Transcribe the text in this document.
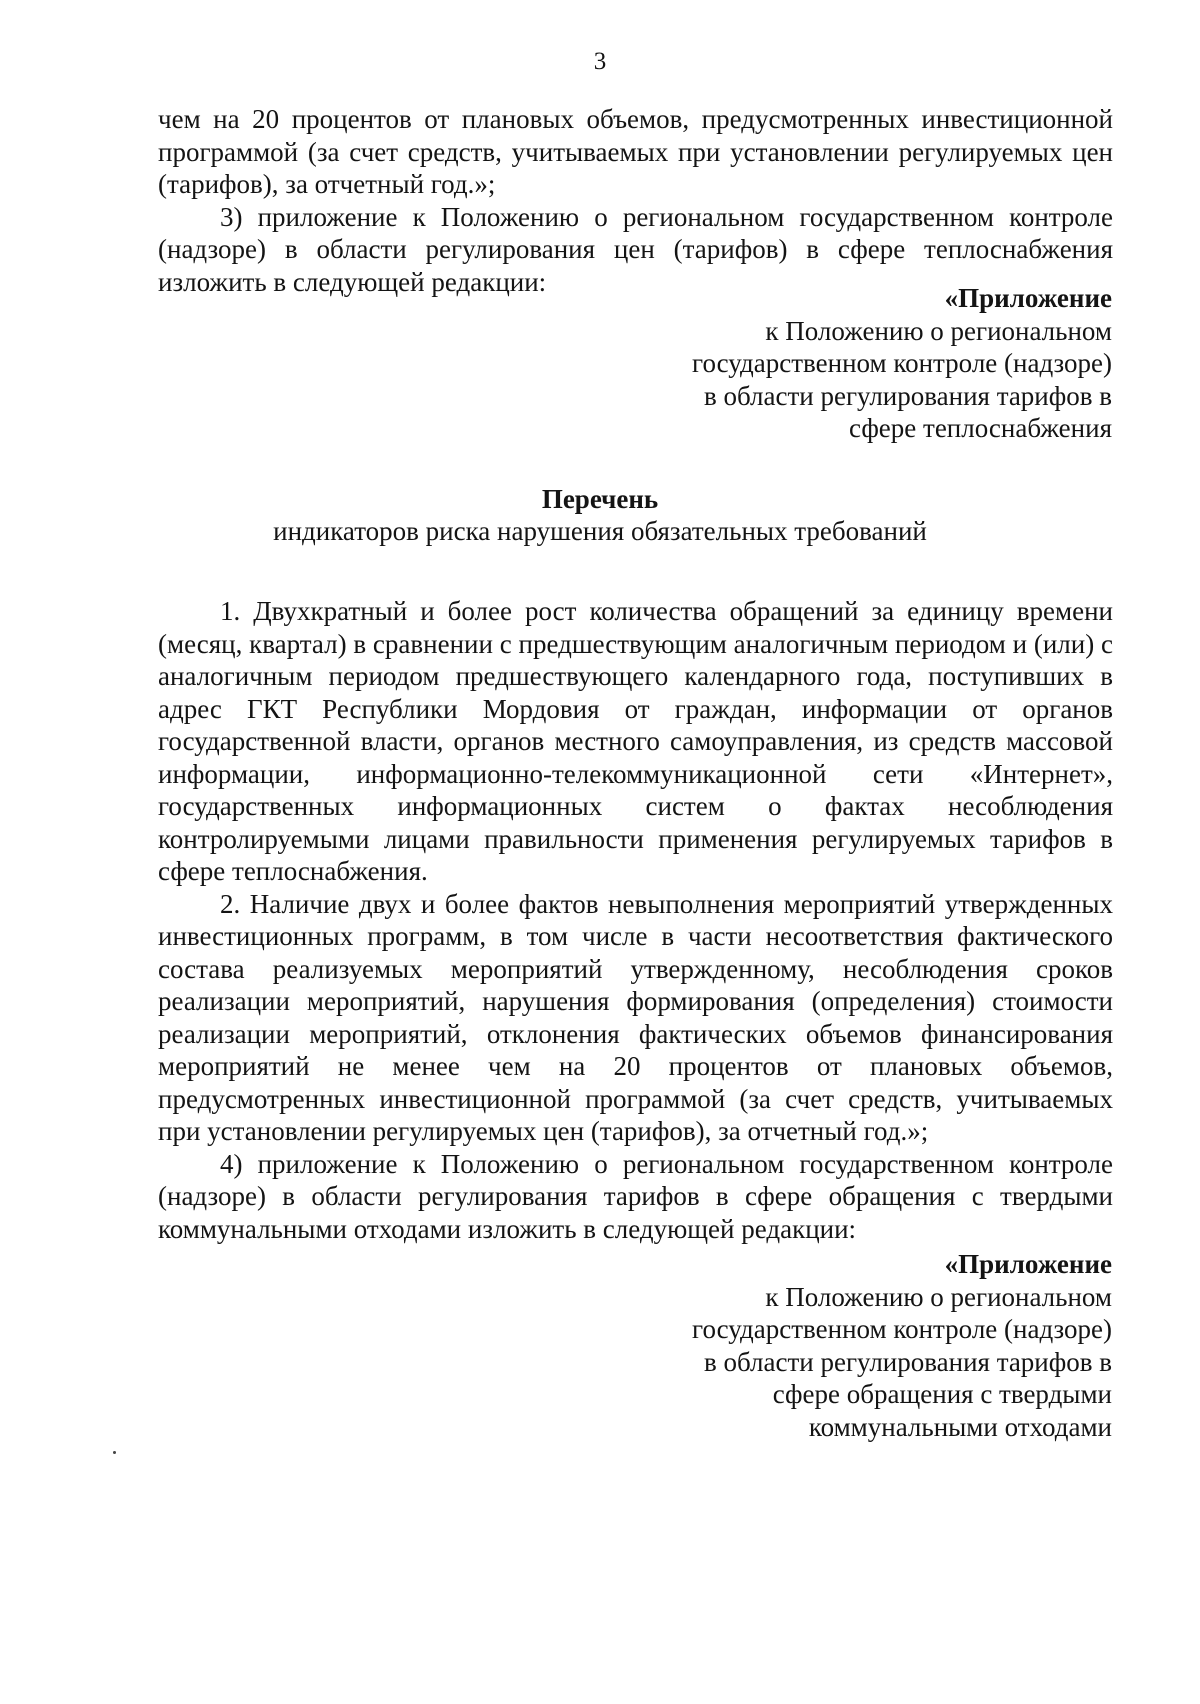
3

чем на 20 процентов от плановых объемов, предусмотренных инвестиционной программой (за счет средств, учитываемых при установлении регулируемых цен (тарифов), за отчетный год.»;

3) приложение к Положению о региональном государственном контроле (надзоре) в области регулирования цен (тарифов) в сфере теплоснабжения изложить в следующей редакции:

«Приложение
к Положению о региональном
государственном контроле (надзоре)
в области регулирования тарифов в
сфере теплоснабжения
Перечень
индикаторов риска нарушения обязательных требований

1. Двухкратный и более рост количества обращений за единицу времени (месяц, квартал) в сравнении с предшествующим аналогичным периодом и (или) с аналогичным периодом предшествующего календарного года, поступивших в адрес ГКТ Республики Мордовия от граждан, информации от органов государственной власти, органов местного самоуправления, из средств массовой информации, информационно-телекоммуникационной сети «Интернет», государственных информационных систем о фактах несоблюдения контролируемыми лицами правильности применения регулируемых тарифов в сфере теплоснабжения.

2. Наличие двух и более фактов невыполнения мероприятий утвержденных инвестиционных программ, в том числе в части несоответствия фактического состава реализуемых мероприятий утвержденному, несоблюдения сроков реализации мероприятий, нарушения формирования (определения) стоимости реализации мероприятий, отклонения фактических объемов финансирования мероприятий не менее чем на 20 процентов от плановых объемов, предусмотренных инвестиционной программой (за счет средств, учитываемых при установлении регулируемых цен (тарифов), за отчетный год.»;

4) приложение к Положению о региональном государственном контроле (надзоре) в области регулирования тарифов в сфере обращения с твердыми коммунальными отходами изложить в следующей редакции:

«Приложение
к Положению о региональном
государственном контроле (надзоре)
в области регулирования тарифов в
сфере обращения с твердыми
коммунальными отходами
